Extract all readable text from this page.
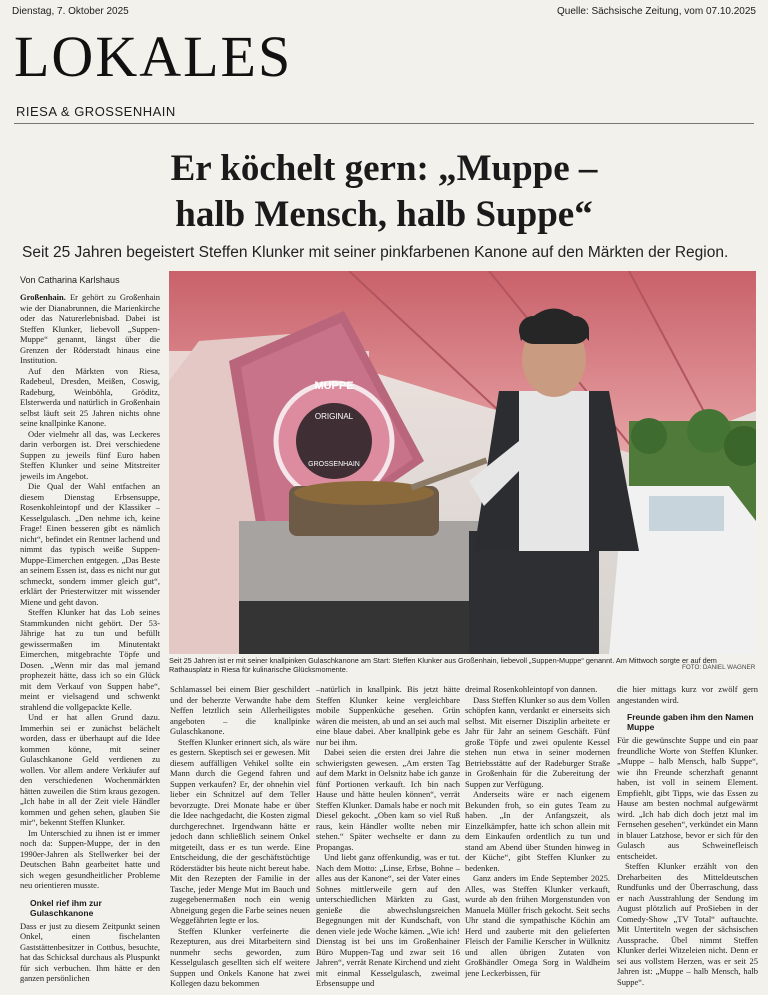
Dienstag, 7. Oktober 2025	Quelle: Sächsische Zeitung, vom 07.10.2025
LOKALES
RIESA & GROSSENHAIN
Er köchelt gern: „Muppe –
halb Mensch, halb Suppe“
Seit 25 Jahren begeistert Steffen Klunker mit seiner pinkfarbenen Kanone auf den Märkten der Region.
Von Catharina Karlshaus
MUPPE
ORIGINAL
GROSSENHAIN
Seit 25 Jahren ist er mit seiner knallpinken Gulaschkanone am Start: Steffen Klunker aus Großenhain, liebevoll „Suppen-Muppe“ genannt. Am Mittwoch sorgte er auf dem Rathausplatz in Riesa für kulinarische Glücksmomente.	FOTO: DANIEL WAGNER

Großenhain. Er gehört zu Großenhain wie der Dianabrunnen, die Marienkirche oder das Naturerlebnisbad. Dabei ist Steffen Klunker, liebevoll „Suppen-Muppe“ genannt, längst über die Grenzen der Röderstadt hinaus eine Institution.

Auf den Märkten von Riesa, Radebeul, Dresden, Meißen, Coswig, Radeburg, Weinböhla, Gröditz, Elsterwerda und natürlich in Großenhain selbst läuft seit 25 Jahren nichts ohne seine knallpinke Kanone.

Oder vielmehr all das, was Leckeres darin verborgen ist. Drei verschiedene Suppen zu jeweils fünf Euro haben Steffen Klunker und seine Mitstreiter jeweils im Angebot.

Die Qual der Wahl entfachen an diesem Dienstag Erbsensuppe, Rosenkohleintopf und der Klassiker – Kesselgulasch. „Den nehme ich, keine Frage! Einen besseren gibt es nämlich nicht“, befindet ein Rentner lachend und nimmt das typisch weiße Suppen-Muppe-Eimerchen entgegen. „Das Beste an seinem Essen ist, dass es nicht nur gut schmeckt, sondern immer gleich gut“, erklärt der Priesterwitzer mit wissender Miene und geht davon.

Steffen Klunker hat das Lob seines Stammkunden nicht gehört. Der 53-Jährige hat zu tun und befüllt gewissermaßen im Minutentakt Eimerchen, mitgebrachte Töpfe und Dosen. „Wenn mir das mal jemand prophezeit hätte, dass ich so ein Glück mit dem Verkauf von Suppen habe“, meint er vielsagend und schwenkt strahlend die vollgepackte Kelle.

Und er hat allen Grund dazu. Immerhin sei er zunächst belächelt worden, dass er überhaupt auf die Idee kommen könne, mit seiner Gulaschkanone Geld verdienen zu wollen. Vor allem andere Verkäufer auf den verschiedenen Wochenmärkten hätten zuweilen die Stirn kraus gezogen. „Ich habe in all der Zeit viele Händler kommen und gehen sehen, glauben Sie mir“, bekennt Steffen Klunker.

Im Unterschied zu ihnen ist er immer noch da: Suppen-Muppe, der in den 1990er-Jahren als Stellwerker bei der Deutschen Bahn gearbeitet hatte und sich wegen gesundheitlicher Probleme neu orientieren musste.

Onkel rief ihm zur Gulaschkanone

Dass er just zu diesem Zeitpunkt seinen Onkel, einen fischelanten Gaststättenbesitzer in Cottbus, besuchte, hat das Schicksal durchaus als Pluspunkt für sich verbuchen. Ihm hätte er den ganzen persönlichen

Schlamassel bei einem Bier geschildert und der beherzte Verwandte habe dem Neffen letztlich sein Allerheiligstes angeboten – die knallpinke Gulaschkanone.

Steffen Klunker erinnert sich, als wäre es gestern. Skeptisch sei er gewesen. Mit diesem auffälligen Vehikel sollte ein Mann durch die Gegend fahren und Suppen verkaufen? Er, der ohnehin viel lieber ein Schnitzel auf dem Teller bevorzugte. Drei Monate habe er über die Idee nachgedacht, die Kosten zigmal durchgerechnet. Irgendwann hätte er jedoch dann schließlich seinem Onkel mitgeteilt, dass er es tun werde. Eine Entscheidung, die der geschäftstüchtige Röderstädter bis heute nicht bereut habe. Mit den Rezepten der Familie in der Tasche, jeder Menge Mut im Bauch und zugegebenermaßen noch ein wenig Abneigung gegen die Farbe seines neuen Weggefährten legte er los.

Steffen Klunker verfeinerte die Rezepturen, aus drei Mitarbeitern sind nunmehr sechs geworden, zum Kesselgulasch gesellten sich elf weitere Suppen und Onkels Kanone hat zwei Kollegen dazu bekommen

–natürlich in knallpink. Bis jetzt hätte Steffen Klunker keine vergleichbare mobile Suppenküche gesehen. Grün wären die meisten, ab und an sei auch mal eine blaue dabei. Aber knallpink gebe es nur bei ihm.

Dabei seien die ersten drei Jahre die schwierigsten gewesen. „Am ersten Tag auf dem Markt in Oelsnitz habe ich ganze fünf Portionen verkauft. Ich bin nach Hause und hätte heulen können“, verrät Steffen Klunker. Damals habe er noch mit Diesel gekocht. „Oben kam so viel Ruß raus, kein Händler wollte neben mir stehen.“ Später wechselte er dann zu Propangas.

Und liebt ganz offenkundig, was er tut. Nach dem Motto: „Linse, Erbse, Bohne – alles aus der Kanone“, sei der Vater eines Sohnes mittlerweile gern auf den unterschiedlichen Märkten zu Gast, genieße die abwechslungsreichen Begegnungen mit der Kundschaft, von denen viele jede Woche kämen. „Wie ich! Dienstag ist bei uns im Großenhainer Büro Muppen-Tag und zwar seit 16 Jahren“, verrät Renate Kirchend und zieht mit einmal Kesselgulasch, zweimal Erbsensuppe und

dreimal Rosenkohleintopf von dannen.

Dass Steffen Klunker so aus dem Vollen schöpfen kann, verdankt er einerseits sich selbst. Mit eiserner Disziplin arbeitete er Jahr für Jahr an seinem Geschäft. Fünf große Töpfe und zwei opulente Kessel stehen nun etwa in seiner modernen Betriebsstätte auf der Radeburger Straße in Großenhain für die Zubereitung der Suppen zur Verfügung.

Anderseits wäre er nach eigenem Bekunden froh, so ein gutes Team zu haben. „In der Anfangszeit, als Einzelkämpfer, hatte ich schon allein mit dem Einkaufen ordentlich zu tun und stand am Abend über Stunden hinweg in der Küche“, gibt Steffen Klunker zu bedenken.

Ganz anders im Ende September 2025. Alles, was Steffen Klunker verkauft, wurde ab den frühen Morgenstunden von Manuela Müller frisch gekocht. Seit sechs Uhr stand die sympathische Köchin am Herd und zauberte mit den gelieferten Fleisch der Familie Kerscher in Wülknitz und allen übrigen Zutaten von Großhändler Omega Sorg in Waldheim jene Leckerbissen, für

die hier mittags kurz vor zwölf gern angestanden wird.

Freunde gaben ihm den Namen Muppe

Für die gewünschte Suppe und ein paar freundliche Worte von Steffen Klunker. „Muppe – halb Mensch, halb Suppe“, wie ihn Freunde scherzhaft genannt haben, ist voll in seinem Element. Empfiehlt, gibt Tipps, wie das Essen zu Hause am besten nochmal aufgewärmt wird. „Ich hab dich doch jetzt mal im Fernsehen gesehen“, verkündet ein Mann in blauer Latzhose, bevor er sich für den Gulasch aus Schweinefleisch entscheidet.

Steffen Klunker erzählt von den Dreharbeiten des Mitteldeutschen Rundfunks und der Überraschung, dass er nach Ausstrahlung der Sendung im August plötzlich auf ProSieben in der Comedy-Show „TV Total“ auftauchte. Mit Untertiteln wegen der sächsischen Aussprache. Übel nimmt Steffen Klunker derlei Witzeleien nicht. Denn er sei aus vollstem Herzen, was er seit 25 Jahren ist: „Muppe – halb Mensch, halb Suppe“.
